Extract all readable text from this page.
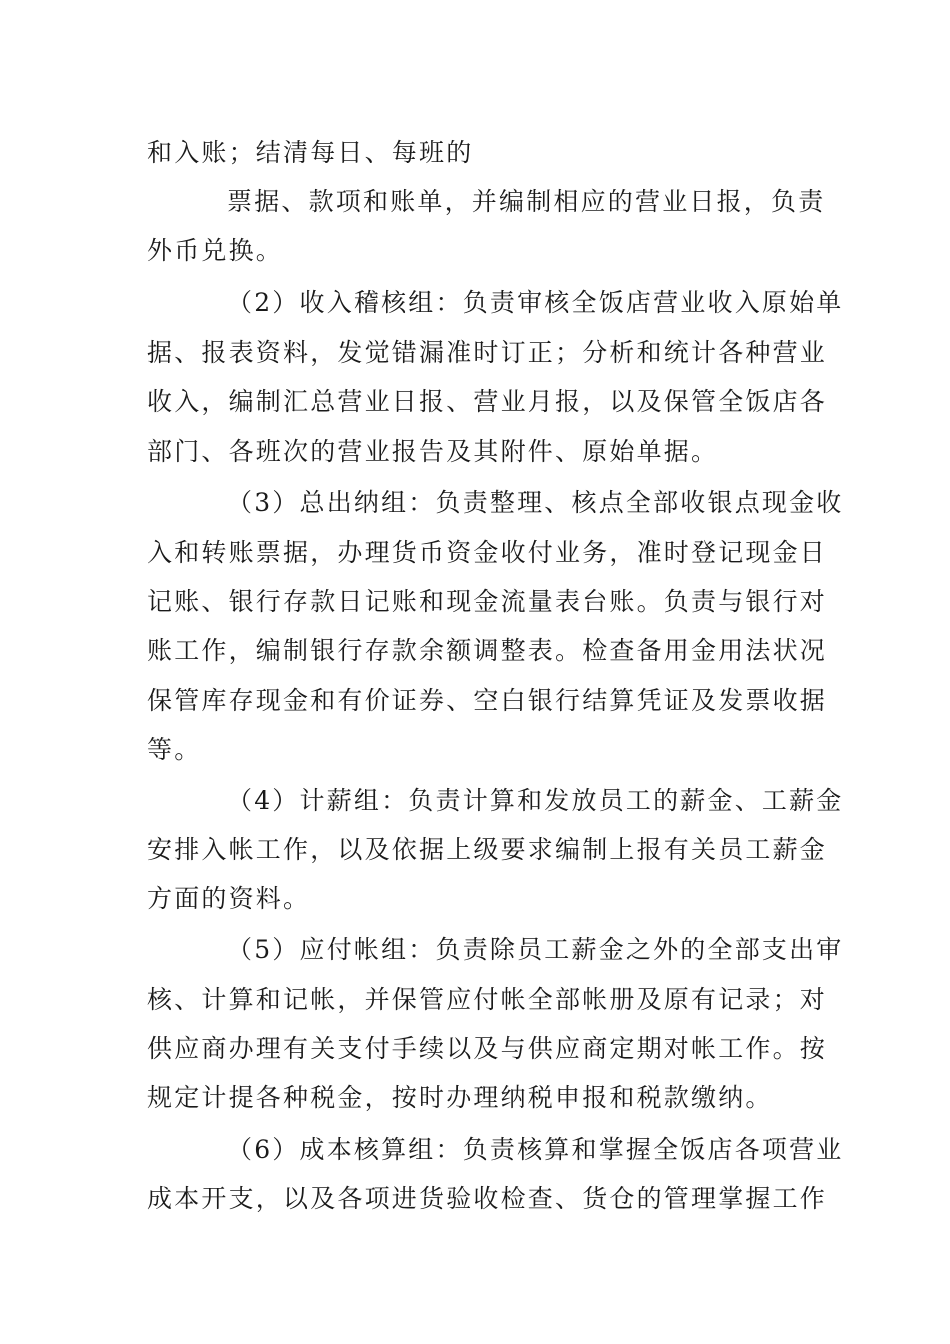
和入账；结清每日、每班的

票据、款项和账单，并编制相应的营业日报，负责

外币兑换。

（2）收入稽核组：负责审核全饭店营业收入原始单

据、报表资料，发觉错漏准时订正；分析和统计各种营业

收入，编制汇总营业日报、营业月报，以及保管全饭店各

部门、各班次的营业报告及其附件、原始单据。

（3）总出纳组：负责整理、核点全部收银点现金收

入和转账票据，办理货币资金收付业务，准时登记现金日

记账、银行存款日记账和现金流量表台账。负责与银行对

账工作，编制银行存款余额调整表。检查备用金用法状况

保管库存现金和有价证券、空白银行结算凭证及发票收据

等。

（4）计薪组：负责计算和发放员工的薪金、工薪金

安排入帐工作，以及依据上级要求编制上报有关员工薪金

方面的资料。

（5）应付帐组：负责除员工薪金之外的全部支出审

核、计算和记帐，并保管应付帐全部帐册及原有记录；对

供应商办理有关支付手续以及与供应商定期对帐工作。按

规定计提各种税金，按时办理纳税申报和税款缴纳。

（6）成本核算组：负责核算和掌握全饭店各项营业

成本开支，以及各项进货验收检查、货仓的管理掌握工作
